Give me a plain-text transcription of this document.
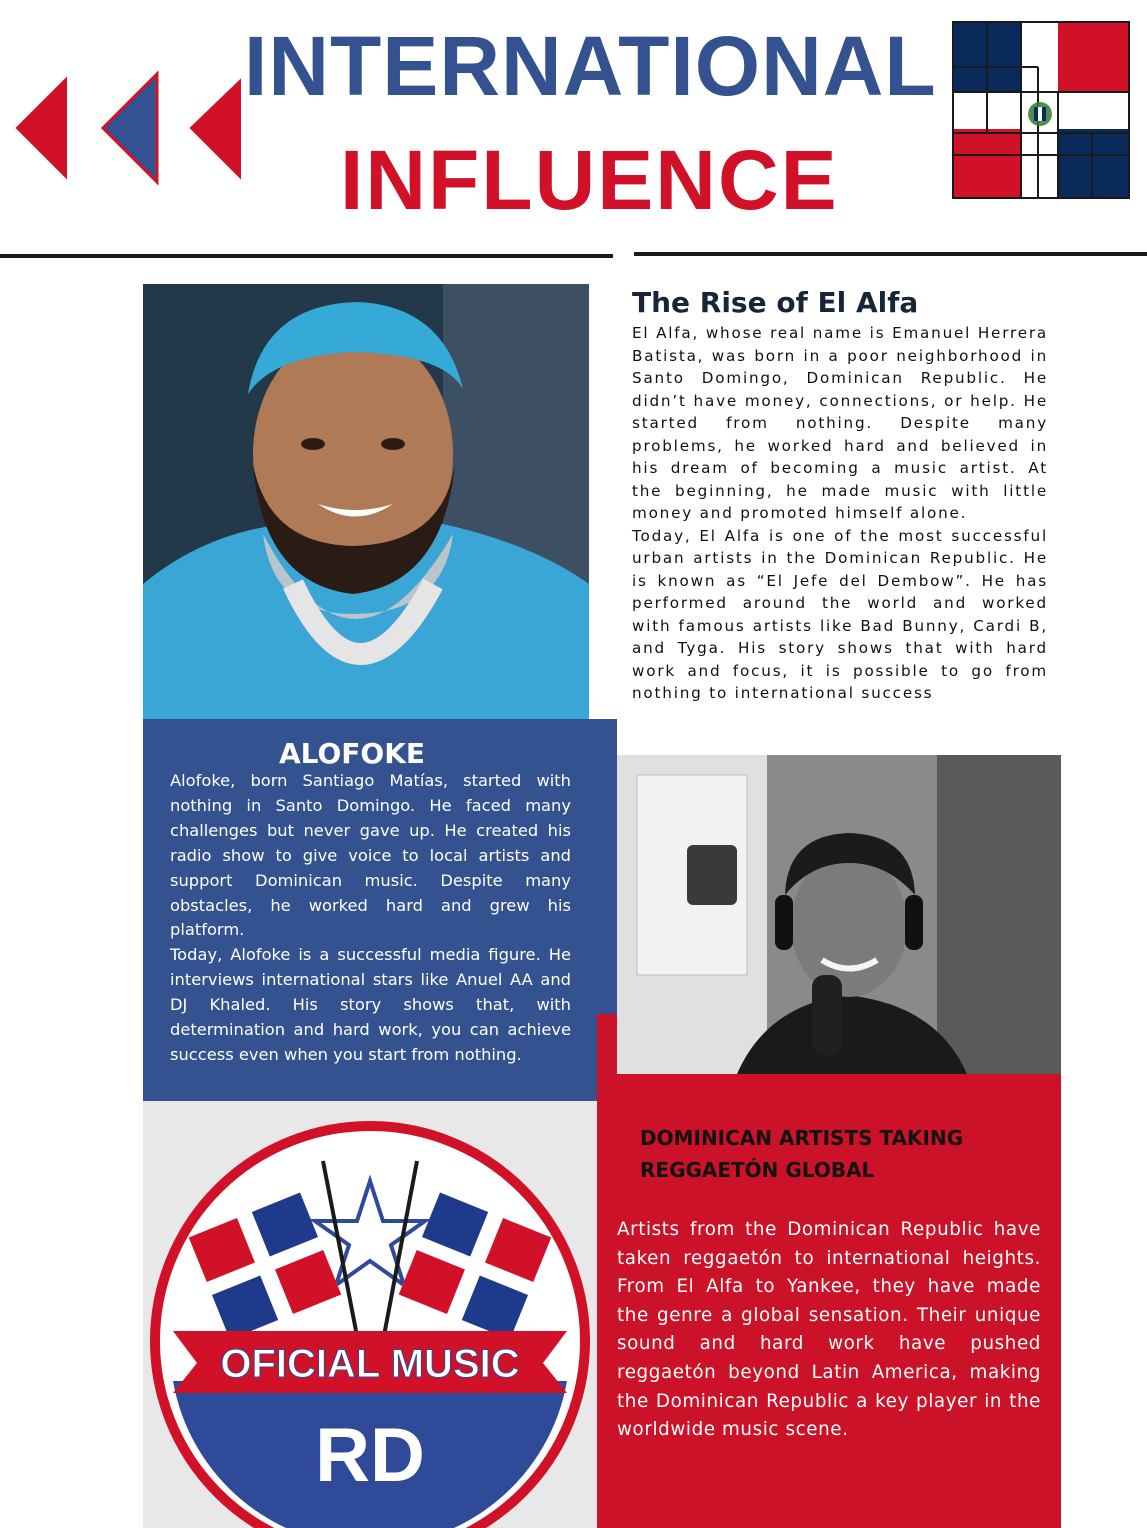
INTERNATIONAL
INFLUENCE
ALOFOKE

Alofoke, born Santiago Matías, started with nothing in Santo Domingo. He faced many challenges but never gave up. He created his radio show to give voice to local artists and support Dominican music. Despite many obstacles, he worked hard and grew his platform.

Today, Alofoke is a successful media figure. He interviews international stars like Anuel AA and DJ Khaled. His story shows that, with determination and hard work, you can achieve success even when you start from nothing.

The Rise of El Alfa

El Alfa, whose real name is Emanuel Herrera Batista, was born in a poor neighborhood in Santo Domingo, Dominican Republic. He didn’t have money, connections, or help. He started from nothing. Despite many problems, he worked hard and believed in his dream of becoming a music artist. At the beginning, he made music with little money and promoted himself alone.

Today, El Alfa is one of the most successful urban artists in the Dominican Republic. He is known as “El Jefe del Dembow”. He has performed around the world and worked with famous artists like Bad Bunny, Cardi B, and Tyga. His story shows that with hard work and focus, it is possible to go from nothing to international success

DOMINICAN ARTISTS TAKING REGGAETÓN GLOBAL
Artists from the Dominican Republic have taken reggaetón to international heights. From El Alfa to Yankee, they have made the genre a global sensation. Their unique sound and hard work have pushed reggaetón beyond Latin America, making the Dominican Republic a key player in the worldwide music scene.
OFICIAL MUSIC
RD
